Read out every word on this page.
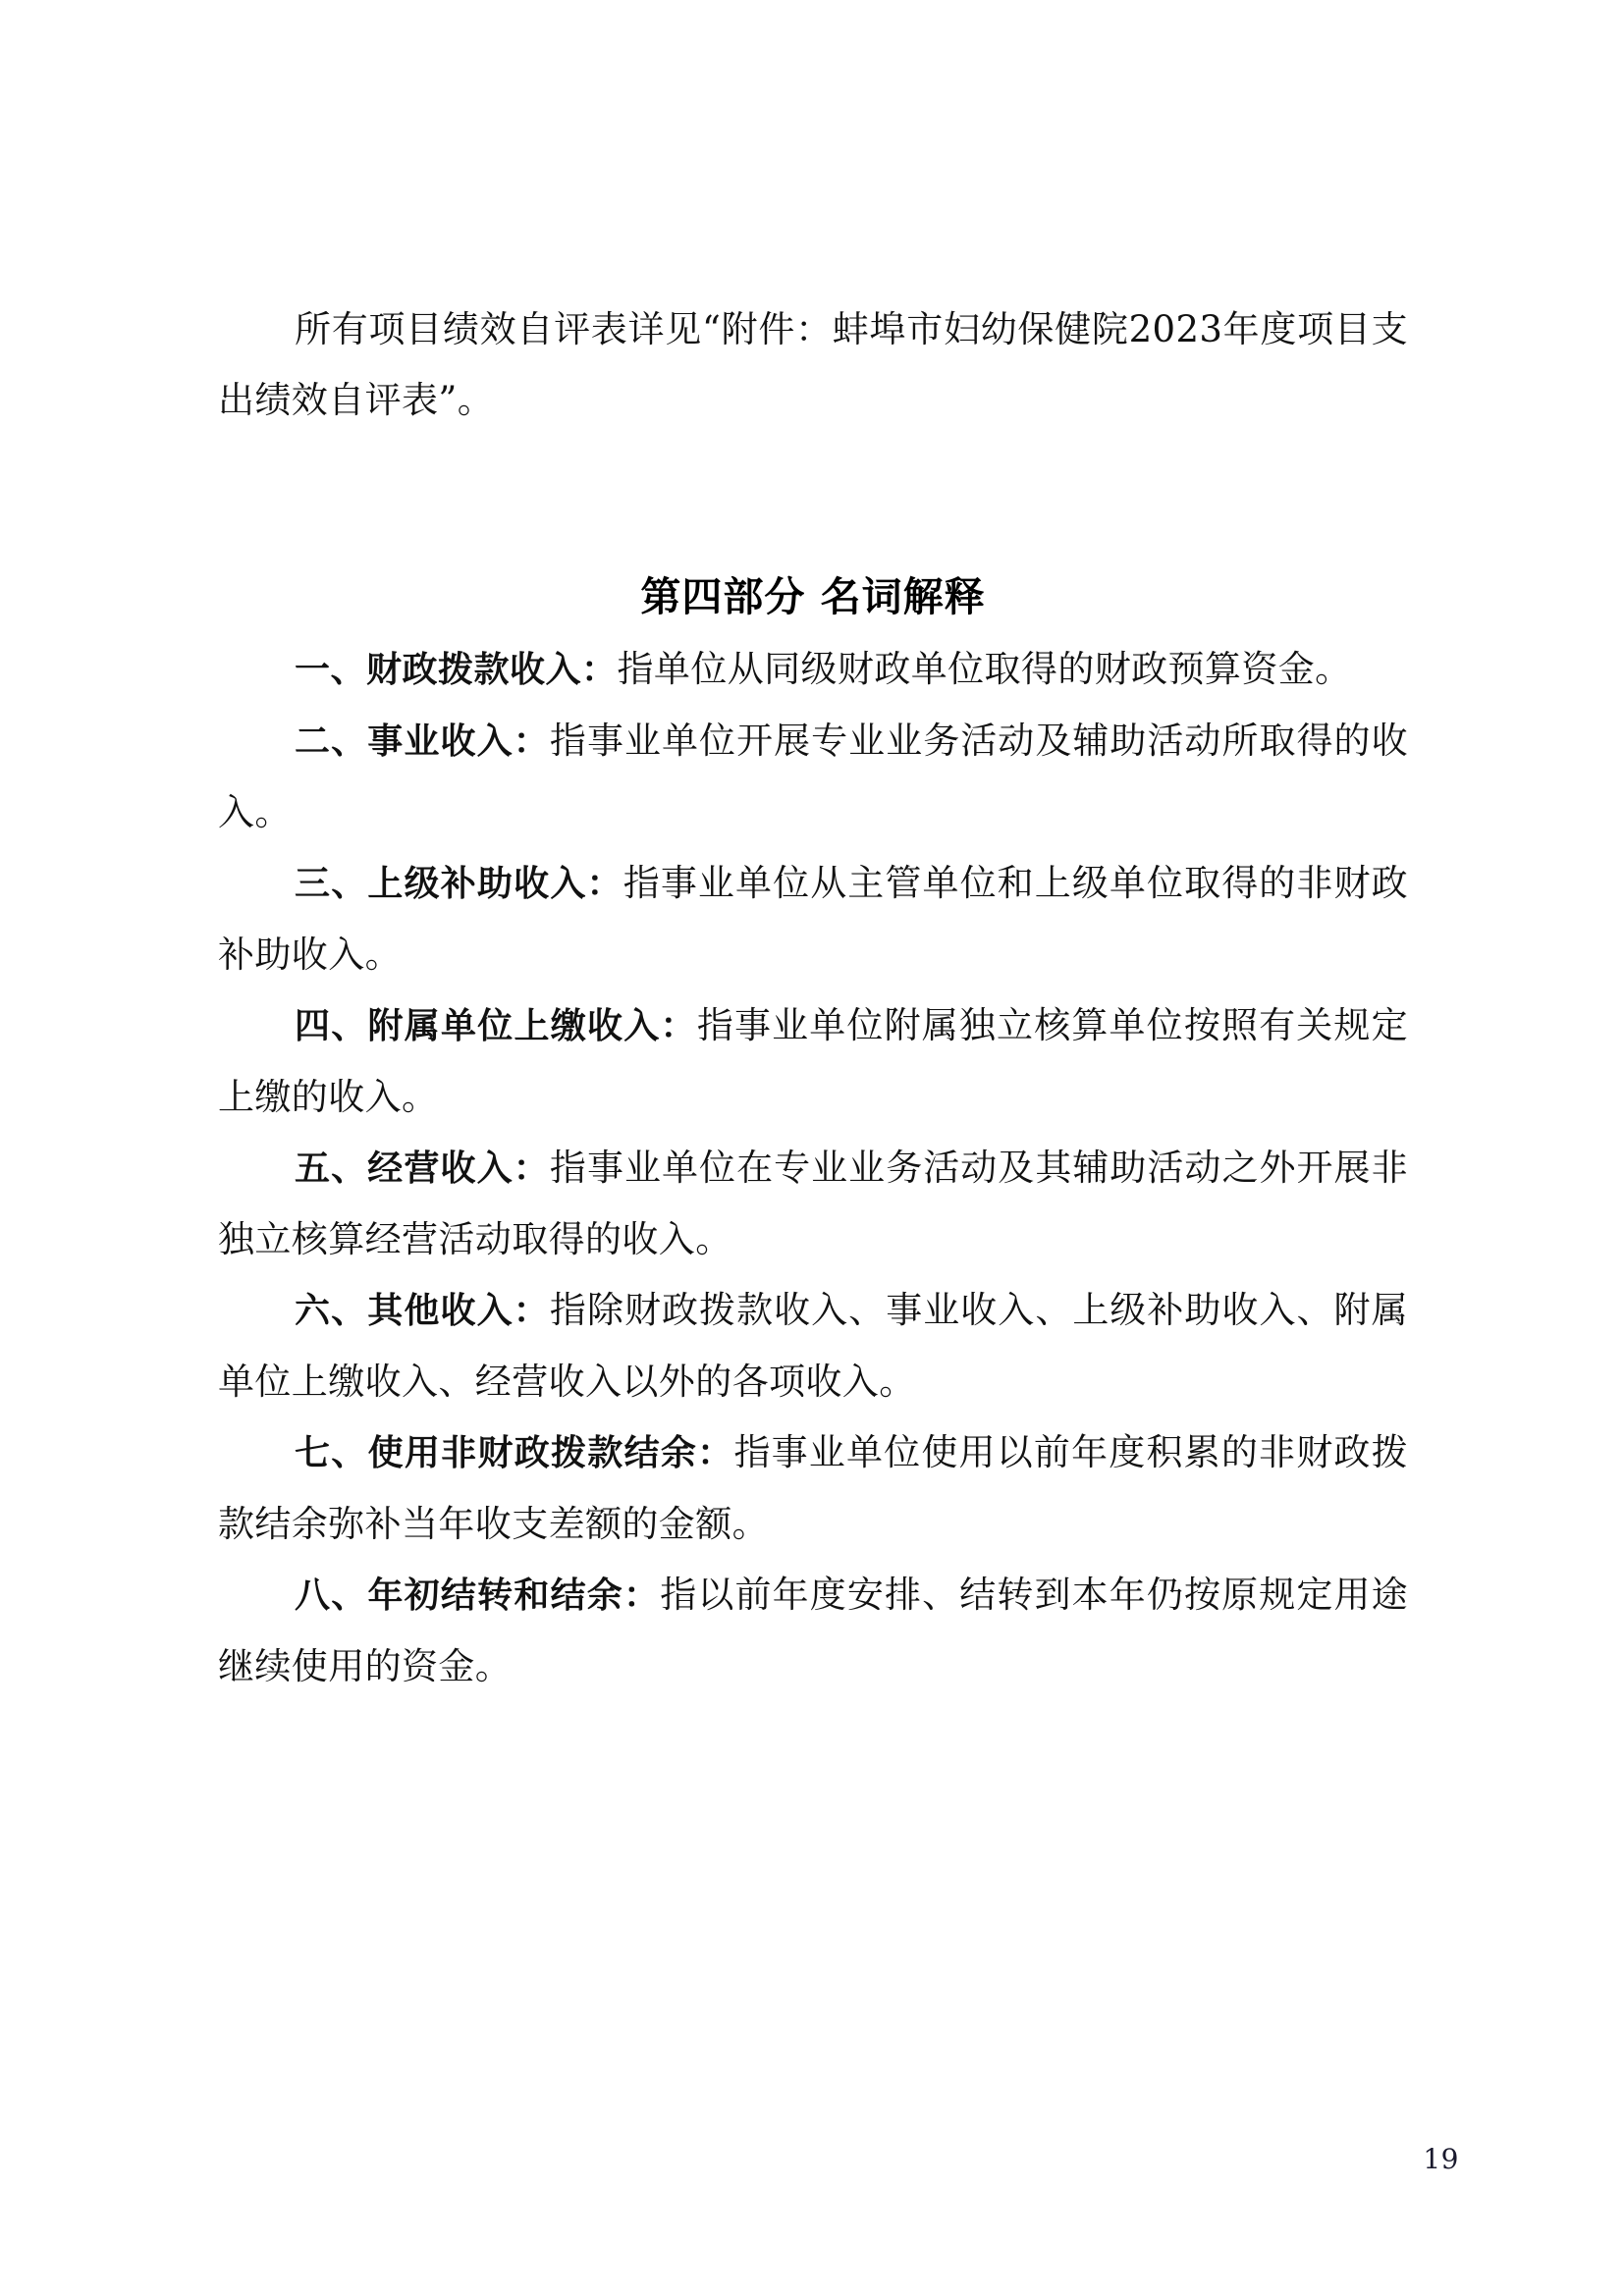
所有项目绩效自评表详见“附件：蚌埠市妇幼保健院2023年度项目支出绩效自评表”。

第四部分 名词解释

一、财政拨款收入：指单位从同级财政单位取得的财政预算资金。

二、事业收入：指事业单位开展专业业务活动及辅助活动所取得的收入。

三、上级补助收入：指事业单位从主管单位和上级单位取得的非财政补助收入。

四、附属单位上缴收入：指事业单位附属独立核算单位按照有关规定上缴的收入。

五、经营收入：指事业单位在专业业务活动及其辅助活动之外开展非独立核算经营活动取得的收入。

六、其他收入：指除财政拨款收入、事业收入、上级补助收入、附属单位上缴收入、经营收入以外的各项收入。

七、使用非财政拨款结余：指事业单位使用以前年度积累的非财政拨款结余弥补当年收支差额的金额。

八、年初结转和结余：指以前年度安排、结转到本年仍按原规定用途继续使用的资金。

19
